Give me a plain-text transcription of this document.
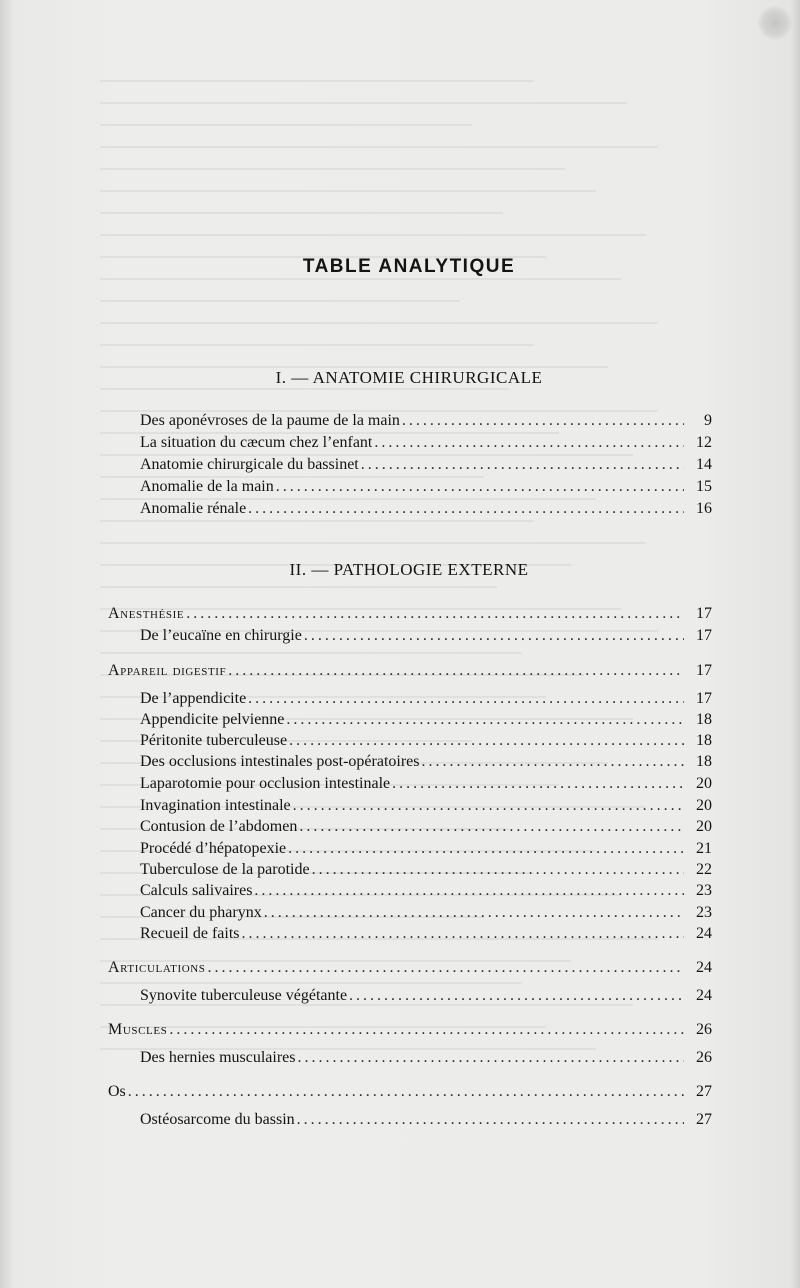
TABLE ANALYTIQUE
I. — ANATOMIE CHIRURGICALE
Des aponévroses de la paume de la main .....	9
La situation du cæcum chez l’enfant .....	12
Anatomie chirurgicale du bassinet .....	14
Anomalie de la main .....	15
Anomalie rénale .....	16
II. — PATHOLOGIE EXTERNE
Anesthésie .....	17
De l’eucaïne en chirurgie .....	17
Appareil digestif .....	17
De l’appendicite .....	17
Appendicite pelvienne .....	18
Péritonite tuberculeuse .....	18
Des occlusions intestinales post-opératoires .....	18
Laparotomie pour occlusion intestinale .....	20
Invagination intestinale .....	20
Contusion de l’abdomen .....	20
Procédé d’hépatopexie .....	21
Tuberculose de la parotide .....	22
Calculs salivaires .....	23
Cancer du pharynx .....	23
Recueil de faits .....	24
Articulations .....	24
Synovite tuberculeuse végétante .....	24
Muscles .....	26
Des hernies musculaires .....	26
Os .....	27
Ostéosarcome du bassin .....	27
